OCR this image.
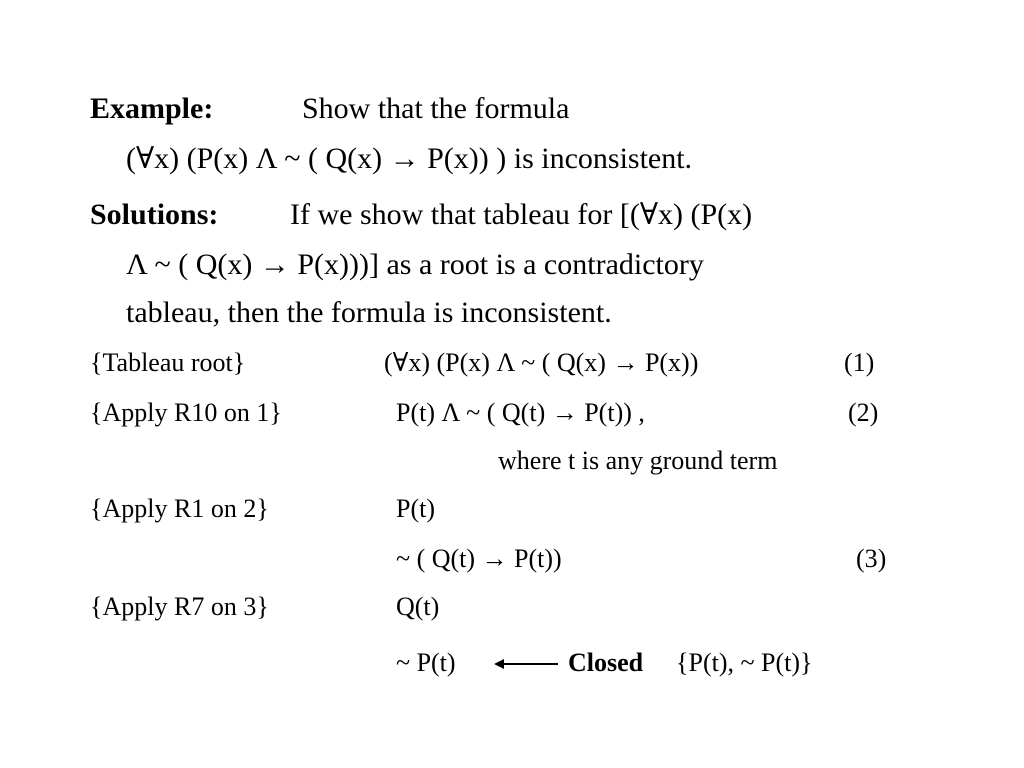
Example:	Show that the formula
(∀x) (P(x) Λ ~ ( Q(x) → P(x)) ) is inconsistent.
Solutions: If we show that tableau for [(∀x) (P(x)
Λ ~ ( Q(x) → P(x)))] as a root is a contradictory
tableau, then the formula is inconsistent.
{Tableau root}	(∀x) (P(x) Λ ~ ( Q(x) → P(x))	(1)
{Apply R10 on 1}	P(t) Λ ~ ( Q(t) → P(t)) ,	(2)
where t is any ground term
{Apply R1 on 2}	P(t)
~ ( Q(t) → P(t))	(3)
{Apply R7 on 3}	Q(t)
~ P(t)	Closed {P(t), ~ P(t)}
